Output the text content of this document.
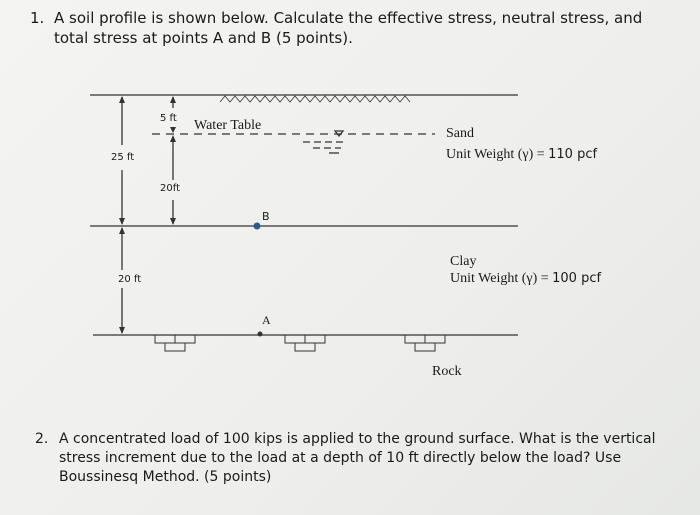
1. A soil profile is shown below. Calculate the effective stress, neutral stress, and total stress at points A and B (5 points).
5 ft
25 ft
20ft
20 ft
Water Table
B
A
Sand
Unit Weight (γ) = 110 pcf
Clay
Unit Weight (γ) = 100 pcf
Rock
2. A concentrated load of 100 kips is applied to the ground surface. What is the vertical stress increment due to the load at a depth of 10 ft directly below the load? Use Boussinesq Method. (5 points)
